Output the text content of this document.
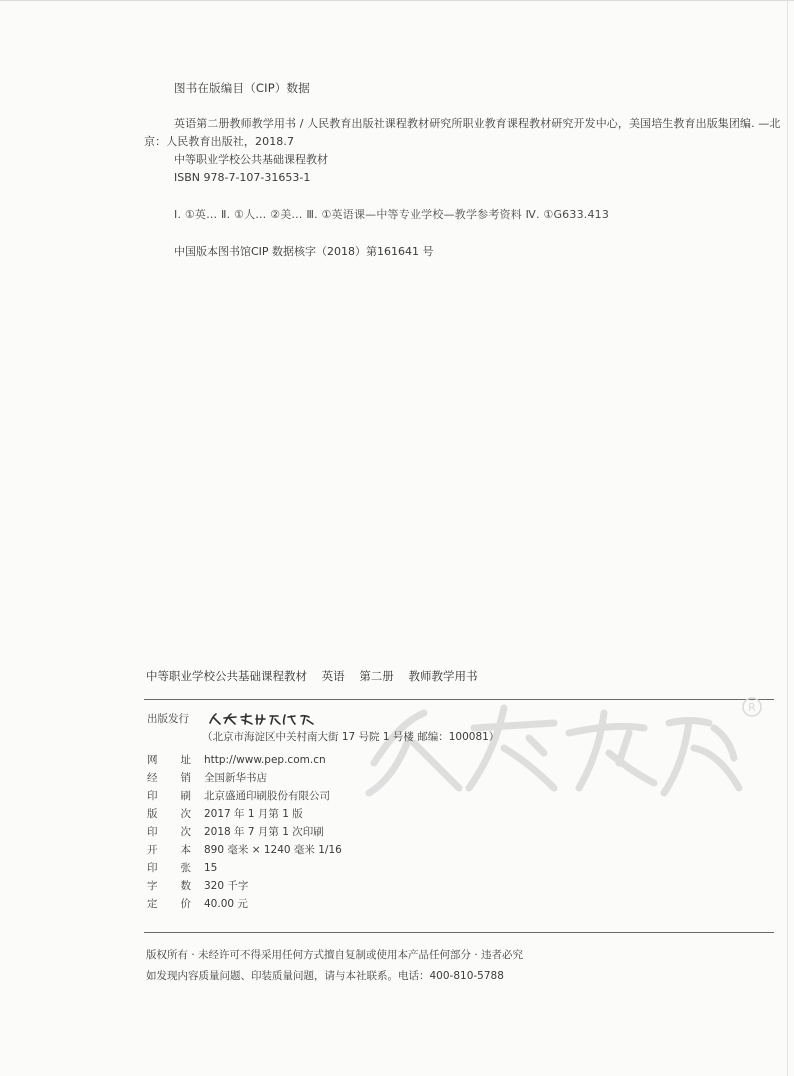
图书在版编目（CIP）数据
英语第二册教师教学用书 / 人民教育出版社课程教材研究所职业教育课程教材研究开发中心，美国培生教育出版集团编. —北京：人民教育出版社，2018.7
中等职业学校公共基础课程教材
ISBN 978-7-107-31653-1
Ⅰ. ①英… Ⅱ. ①人… ②美… Ⅲ. ①英语课—中等专业学校—教学参考资料 Ⅳ. ①G633.413
中国版本图书馆CIP 数据核字（2018）第161641 号
中等职业学校公共基础课程教材 英语 第二册 教师教学用书
R
出版发行
（北京市海淀区中关村南大街 17 号院 1 号楼 邮编：100081）
网 址 http://www.pep.com.cn
经 销 全国新华书店
印 刷 北京盛通印刷股份有限公司
版 次 2017 年 1 月第 1 版
印 次 2018 年 7 月第 1 次印刷
开 本 890 毫米 × 1240 毫米 1/16
印 张 15
字 数 320 千字
定 价 40.00 元
版权所有 · 未经许可不得采用任何方式擅自复制或使用本产品任何部分 · 违者必究
如发现内容质量问题、印装质量问题，请与本社联系。电话：400-810-5788
